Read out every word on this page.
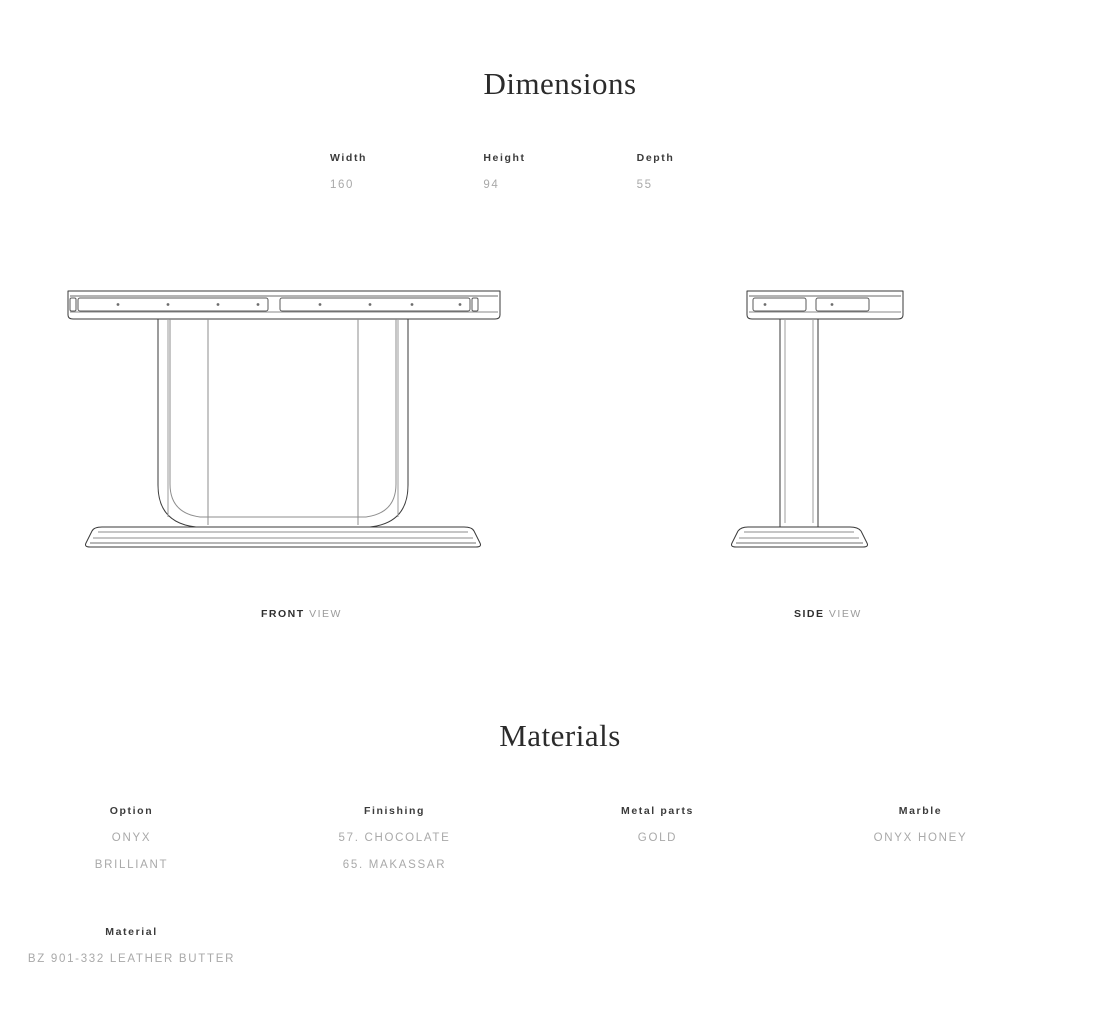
Dimensions
Width
160
Height
94
Depth
55
FRONT VIEW	SIDE VIEW
Materials
Option
ONYX
BRILLIANT
Finishing
57. CHOCOLATE
65. MAKASSAR
Metal parts
GOLD
Marble
ONYX HONEY
Material
BZ 901-332 LEATHER BUTTER
